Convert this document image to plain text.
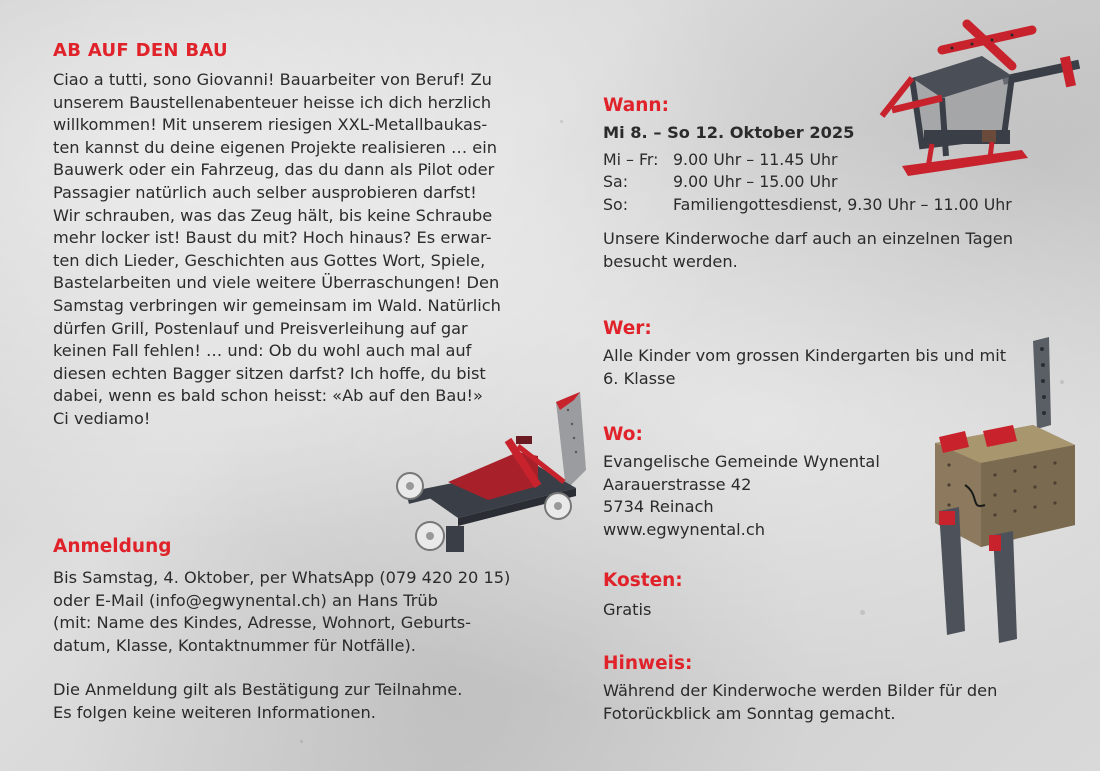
AB AUF DEN BAU

Ciao a tutti, sono Giovanni! Bauarbeiter von Beruf! Zu

unserem Baustellenabenteuer heisse ich dich herzlich

willkommen! Mit unserem riesigen XXL-Metallbaukas-

ten kannst du deine eigenen Projekte realisieren … ein

Bauwerk oder ein Fahrzeug, das du dann als Pilot oder

Passagier natürlich auch selber ausprobieren darfst!

Wir schrauben, was das Zeug hält, bis keine Schraube

mehr locker ist! Baust du mit? Hoch hinaus? Es erwar-

ten dich Lieder, Geschichten aus Gottes Wort, Spiele,

Bastelarbeiten und viele weitere Überraschungen! Den

Samstag verbringen wir gemeinsam im Wald. Natürlich

dürfen Grill, Postenlauf und Preisverleihung auf gar

keinen Fall fehlen! … und: Ob du wohl auch mal auf

diesen echten Bagger sitzen darfst? Ich hoffe, du bist

dabei, wenn es bald schon heisst: «Ab auf den Bau!»

Ci vediamo!

Anmeldung

Bis Samstag, 4. Oktober, per WhatsApp (079 420 20 15)

oder E-Mail (info@egwynental.ch) an Hans Trüb

(mit: Name des Kindes, Adresse, Wohnort, Geburts-

datum, Klasse, Kontaktnummer für Notfälle).

Die Anmeldung gilt als Bestätigung zur Teilnahme.

Es folgen keine weiteren Informationen.

Wann:

Mi 8. – So 12. Oktober 2025

Mi – Fr:	9.00 Uhr – 11.45 Uhr
Sa:	9.00 Uhr – 15.00 Uhr
So:	Familiengottesdienst, 9.30 Uhr – 11.00 Uhr

Unsere Kinderwoche darf auch an einzelnen Tagen

besucht werden.

Wer:

Alle Kinder vom grossen Kindergarten bis und mit

6. Klasse

Wo:

Evangelische Gemeinde Wynental

Aarauerstrasse 42

5734 Reinach

www.egwynental.ch

Kosten:

Gratis

Hinweis:

Während der Kinderwoche werden Bilder für den

Fotorückblick am Sonntag gemacht.
